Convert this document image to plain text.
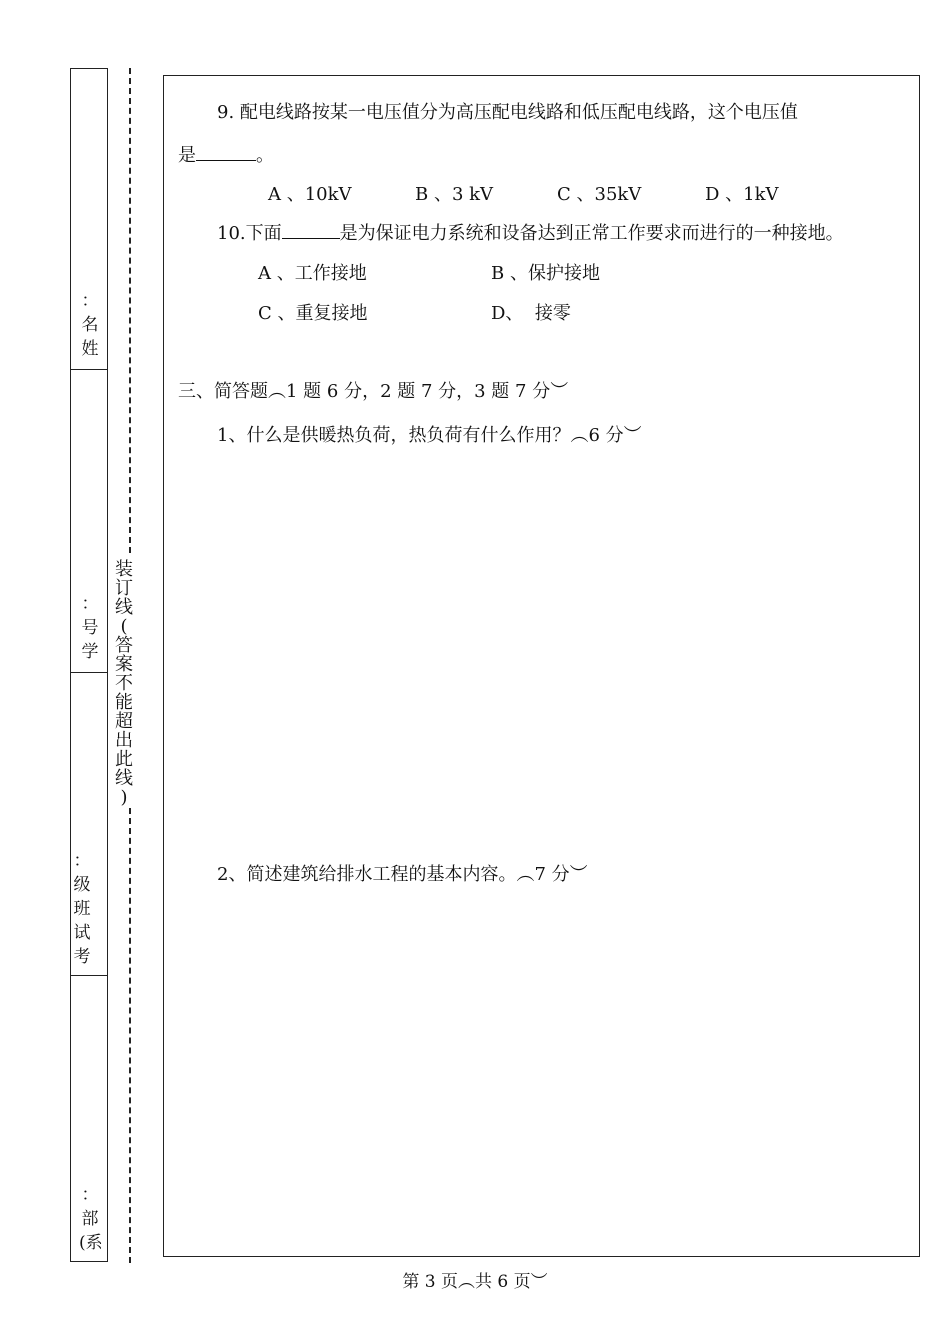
：
名
姓
：
号
学
：
级
班
试
考
：
部
(系
装
订
线
(
答
案
不
能
超
出
此
线
)
9. 配电线路按某一电压值分为高压配电线路和低压配电线路，这个电压值
是	。
A 、10kV	B 、3 kV	C 、35kV	D 、1kV
10.下面	是为保证电力系统和设备达到正常工作要求而进行的一种接地。
A 、工作接地	B 、保护接地
C 、重复接地	D、  接零
三、简答题︵1 题 6 分，2 题 7 分，3 题 7 分︶
1、什么是供暖热负荷，热负荷有什么作用？︵6 分︶
2、简述建筑给排水工程的基本内容。︵7 分︶
第 3 页︵共 6 页︶
